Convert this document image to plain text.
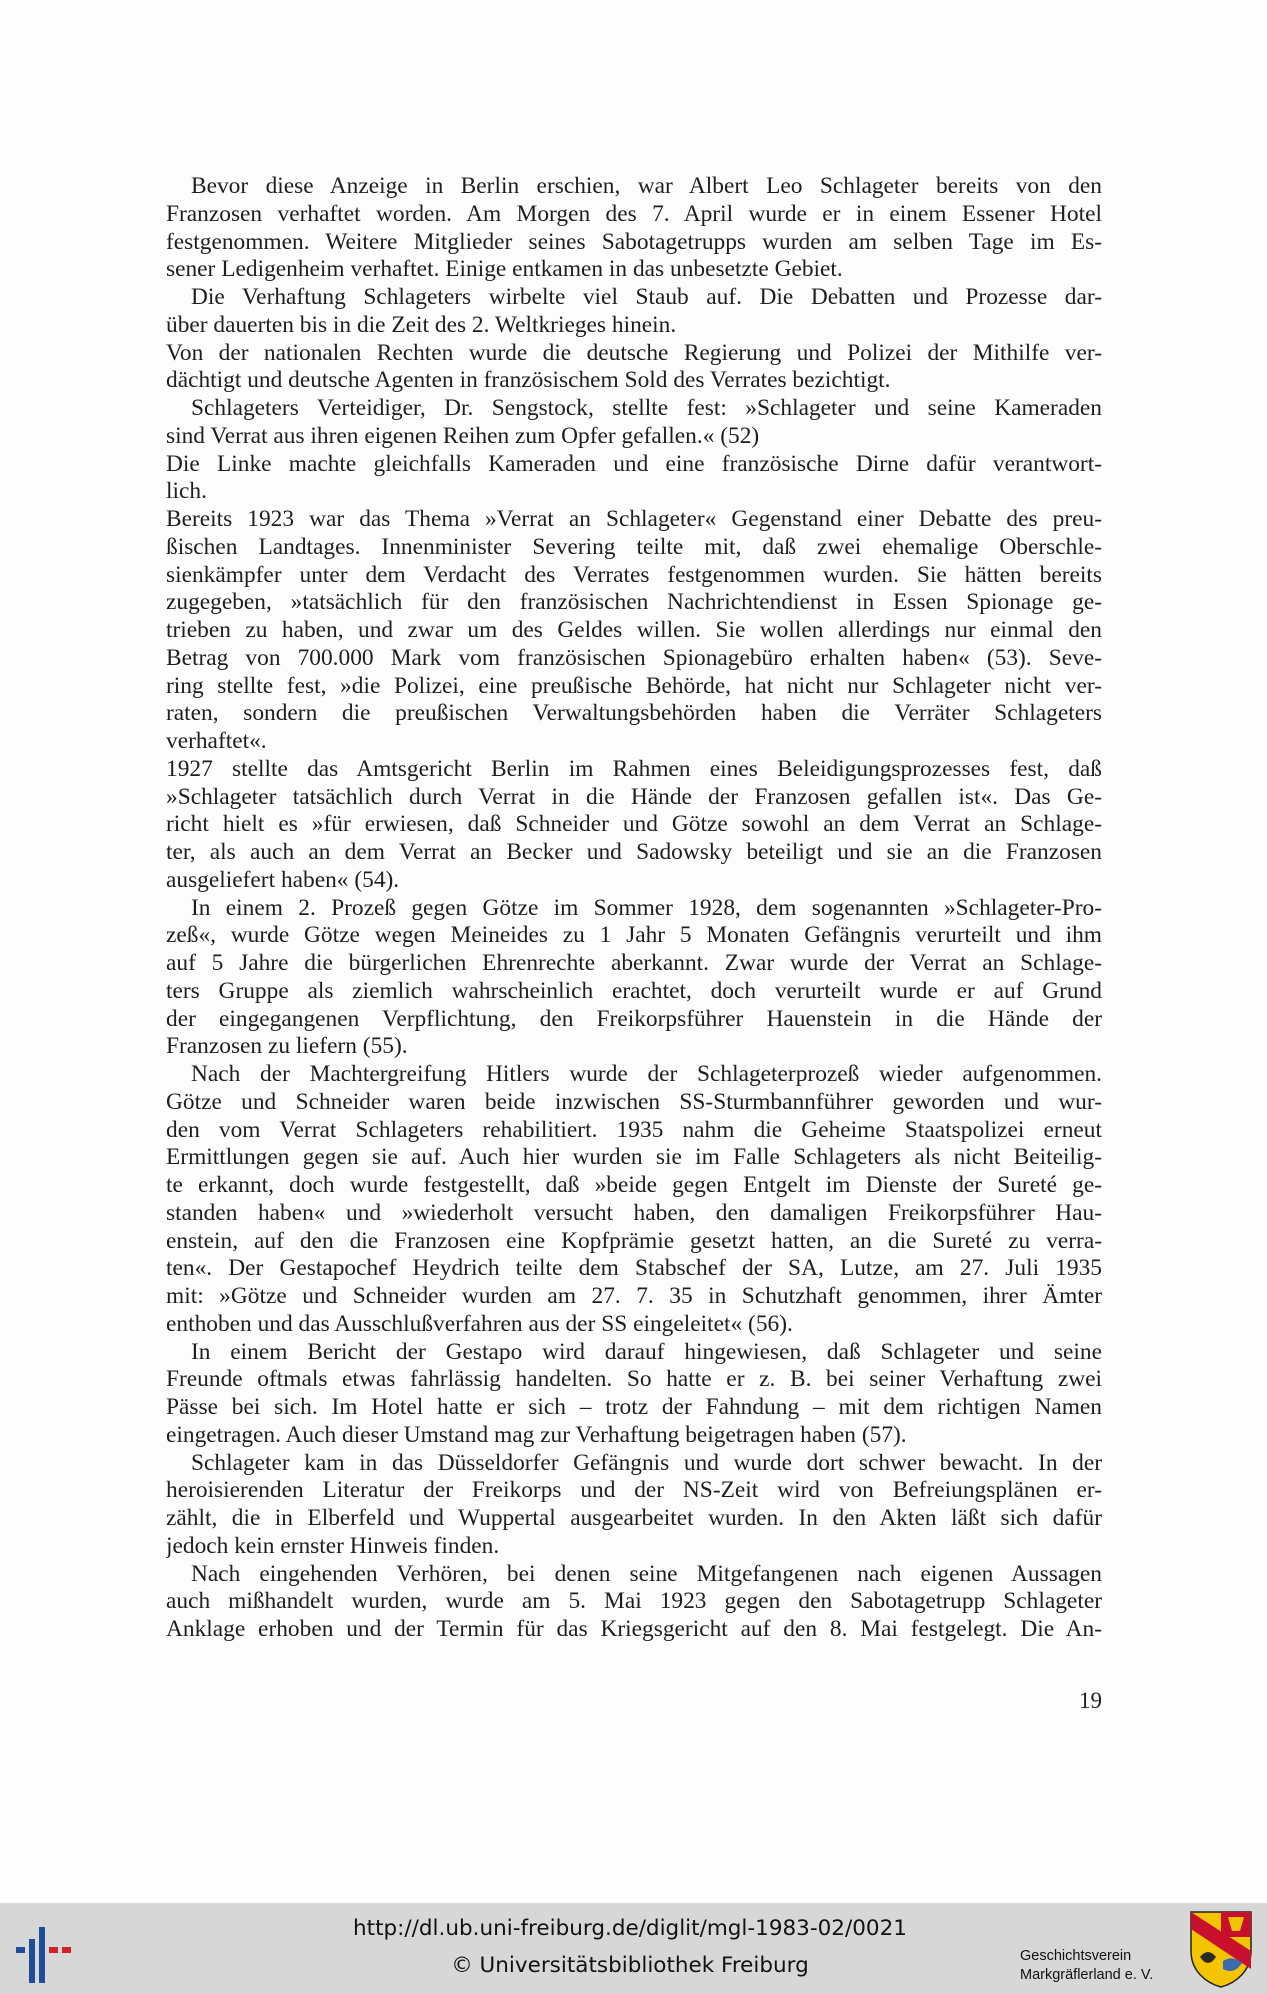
Bevor diese Anzeige in Berlin erschien, war Albert Leo Schlageter bereits von den
Franzosen verhaftet worden. Am Morgen des 7. April wurde er in einem Essener Hotel
festgenommen. Weitere Mitglieder seines Sabotagetrupps wurden am selben Tage im Es-
sener Ledigenheim verhaftet. Einige entkamen in das unbesetzte Gebiet.
Die Verhaftung Schlageters wirbelte viel Staub auf. Die Debatten und Prozesse dar-
über dauerten bis in die Zeit des 2. Weltkrieges hinein.
Von der nationalen Rechten wurde die deutsche Regierung und Polizei der Mithilfe ver-
dächtigt und deutsche Agenten in französischem Sold des Verrates bezichtigt.
Schlageters Verteidiger, Dr. Sengstock, stellte fest: »Schlageter und seine Kameraden
sind Verrat aus ihren eigenen Reihen zum Opfer gefallen.« (52)
Die Linke machte gleichfalls Kameraden und eine französische Dirne dafür verantwort-
lich.
Bereits 1923 war das Thema »Verrat an Schlageter« Gegenstand einer Debatte des preu-
ßischen Landtages. Innenminister Severing teilte mit, daß zwei ehemalige Oberschle-
sienkämpfer unter dem Verdacht des Verrates festgenommen wurden. Sie hätten bereits
zugegeben, »tatsächlich für den französischen Nachrichtendienst in Essen Spionage ge-
trieben zu haben, und zwar um des Geldes willen. Sie wollen allerdings nur einmal den
Betrag von 700.000 Mark vom französischen Spionagebüro erhalten haben« (53). Seve-
ring stellte fest, »die Polizei, eine preußische Behörde, hat nicht nur Schlageter nicht ver-
raten, sondern die preußischen Verwaltungsbehörden haben die Verräter Schlageters
verhaftet«.
1927 stellte das Amtsgericht Berlin im Rahmen eines Beleidigungsprozesses fest, daß
»Schlageter tatsächlich durch Verrat in die Hände der Franzosen gefallen ist«. Das Ge-
richt hielt es »für erwiesen, daß Schneider und Götze sowohl an dem Verrat an Schlage-
ter, als auch an dem Verrat an Becker und Sadowsky beteiligt und sie an die Franzosen
ausgeliefert haben« (54).
In einem 2. Prozeß gegen Götze im Sommer 1928, dem sogenannten »Schlageter-Pro-
zeß«, wurde Götze wegen Meineides zu 1 Jahr 5 Monaten Gefängnis verurteilt und ihm
auf 5 Jahre die bürgerlichen Ehrenrechte aberkannt. Zwar wurde der Verrat an Schlage-
ters Gruppe als ziemlich wahrscheinlich erachtet, doch verurteilt wurde er auf Grund
der eingegangenen Verpflichtung, den Freikorpsführer Hauenstein in die Hände der
Franzosen zu liefern (55).
Nach der Machtergreifung Hitlers wurde der Schlageterprozeß wieder aufgenommen.
Götze und Schneider waren beide inzwischen SS-Sturmbannführer geworden und wur-
den vom Verrat Schlageters rehabilitiert. 1935 nahm die Geheime Staatspolizei erneut
Ermittlungen gegen sie auf. Auch hier wurden sie im Falle Schlageters als nicht Beiteilig-
te erkannt, doch wurde festgestellt, daß »beide gegen Entgelt im Dienste der Sureté ge-
standen haben« und »wiederholt versucht haben, den damaligen Freikorpsführer Hau-
enstein, auf den die Franzosen eine Kopfprämie gesetzt hatten, an die Sureté zu verra-
ten«. Der Gestapochef Heydrich teilte dem Stabschef der SA, Lutze, am 27. Juli 1935
mit: »Götze und Schneider wurden am 27. 7. 35 in Schutzhaft genommen, ihrer Ämter
enthoben und das Ausschlußverfahren aus der SS eingeleitet« (56).
In einem Bericht der Gestapo wird darauf hingewiesen, daß Schlageter und seine
Freunde oftmals etwas fahrlässig handelten. So hatte er z. B. bei seiner Verhaftung zwei
Pässe bei sich. Im Hotel hatte er sich – trotz der Fahndung – mit dem richtigen Namen
eingetragen. Auch dieser Umstand mag zur Verhaftung beigetragen haben (57).
Schlageter kam in das Düsseldorfer Gefängnis und wurde dort schwer bewacht. In der
heroisierenden Literatur der Freikorps und der NS-Zeit wird von Befreiungsplänen er-
zählt, die in Elberfeld und Wuppertal ausgearbeitet wurden. In den Akten läßt sich dafür
jedoch kein ernster Hinweis finden.
Nach eingehenden Verhören, bei denen seine Mitgefangenen nach eigenen Aussagen
auch mißhandelt wurden, wurde am 5. Mai 1923 gegen den Sabotagetrupp Schlageter
Anklage erhoben und der Termin für das Kriegsgericht auf den 8. Mai festgelegt. Die An-
19
http://dl.ub.uni-freiburg.de/diglit/mgl-1983-02/0021
© Universitätsbibliothek Freiburg	Geschichtsverein
Markgräflerland e. V.
